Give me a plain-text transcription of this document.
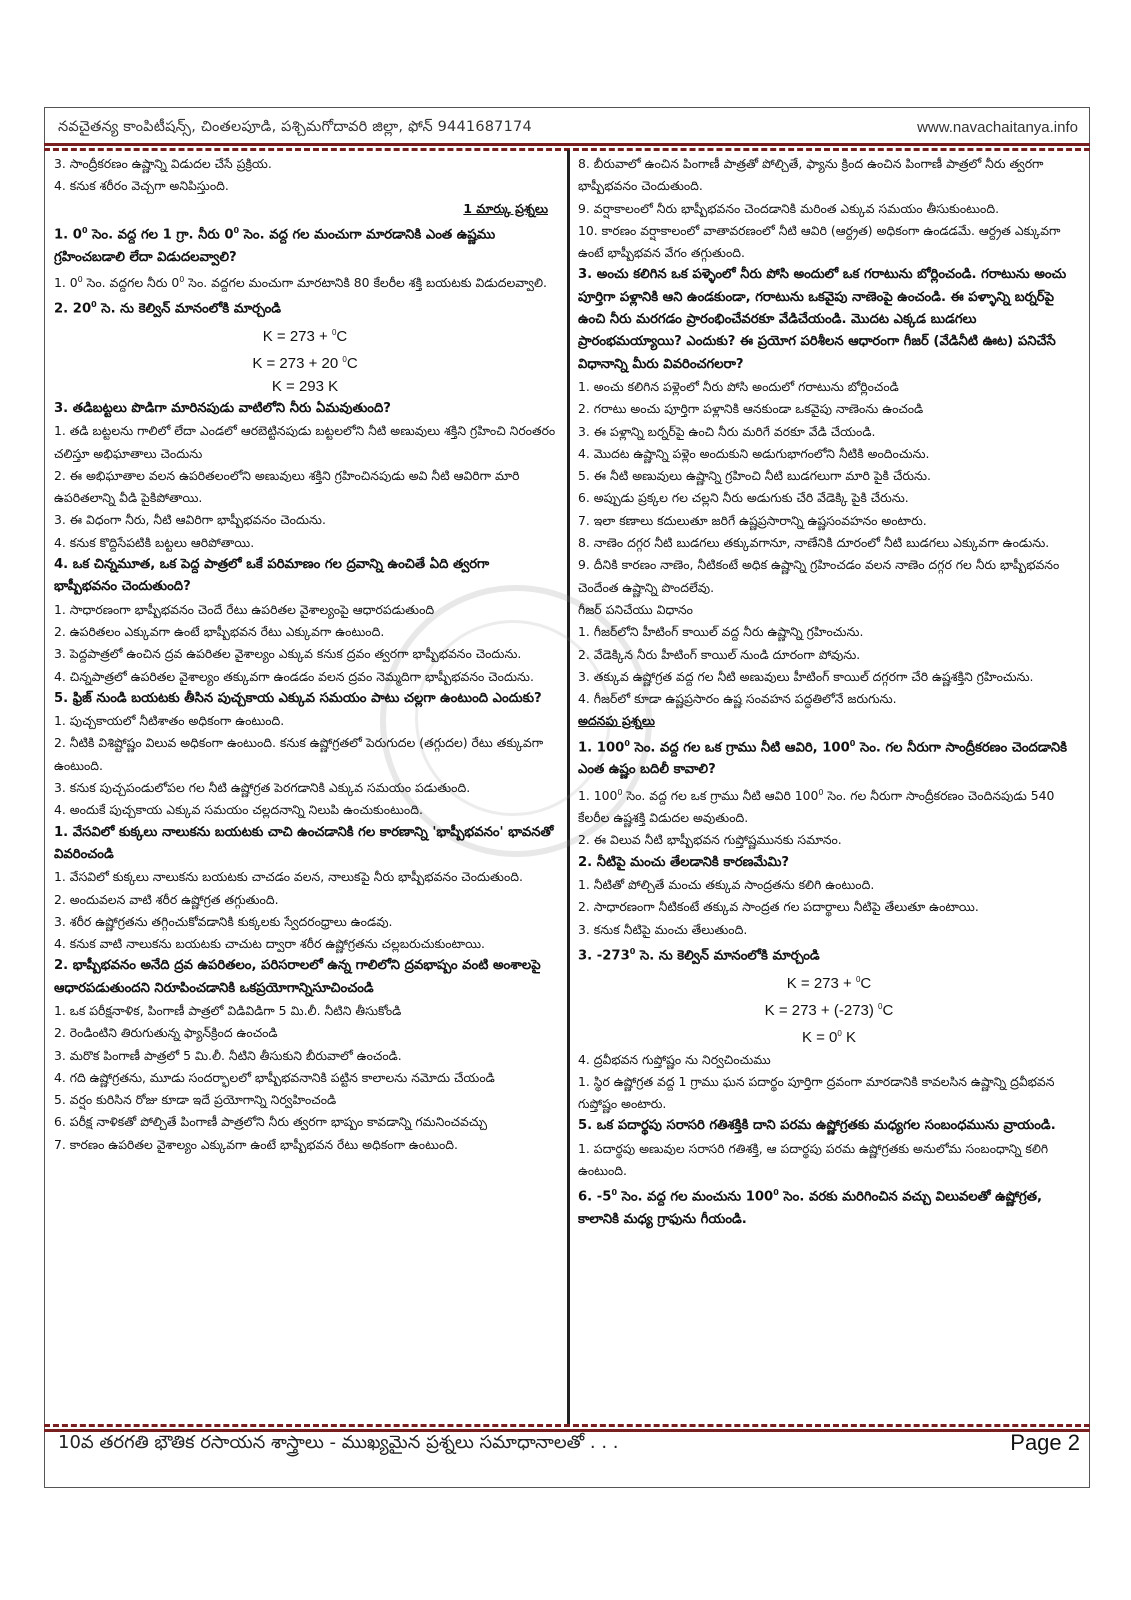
నవచైతన్య కాంపిటీషన్స్, చింతలపూడి, పశ్చిమగోదావరి జిల్లా, ఫోన్ 9441687174	www.navachaitanya.info

3. సాంద్రీకరణం ఉష్ణాన్ని విడుదల చేసే ప్రక్రియ.

4. కనుక శరీరం వెచ్చగా అనిపిస్తుంది.

1 మార్కు ప్రశ్నలు

1. $0^0$ సెం. వద్ద గల 1 గ్రా. నీరు $0^0$ సెం. వద్ద గల మంచుగా మారడానికి ఎంత ఉష్ణము గ్రహించబడాలి లేదా విడుదలవ్వాలి?

1. $0^0$ సెం. వద్దగల నీరు $0^0$ సెం. వద్దగల మంచుగా మారటానికి 80 కేలరీల శక్తి బయటకు విడుదలవ్వాలి.

2. $20^0$ సె. ను కెల్విన్ మానంలోకి మార్చండి

K = 273 + $^0$C

K = 273 + 20 $^0$C

K = 293 K

3. తడిబట్టలు పొడిగా మారినపుడు వాటిలోని నీరు ఏమవుతుంది?

1. తడి బట్టలను గాలిలో లేదా ఎండలో ఆరబెట్టినపుడు బట్టలలోని నీటి అణువులు శక్తిని గ్రహించి నిరంతరం చలిస్తూ అభిఘాతాలు చెందును

2. ఈ అభిఘాతాల వలన ఉపరితలంలోని అణువులు శక్తిని గ్రహించినపుడు అవి నీటి ఆవిరిగా మారి ఉపరితలాన్ని వీడి పైకిపోతాయి.

3. ఈ విధంగా నీరు, నీటి ఆవిరిగా భాష్పీభవనం చెందును.

4. కనుక కొద్దిసేపటికి బట్టలు ఆరిపోతాయి.

4. ఒక చిన్నమూత, ఒక పెద్ద పాత్రలో ఒకే పరిమాణం గల ద్రవాన్ని ఉంచితే ఏది త్వరగా భాష్పీభవనం చెందుతుంది?

1. సాధారణంగా భాష్పీభవనం చెందే రేటు ఉపరితల వైశాల్యంపై ఆధారపడుతుంది

2. ఉపరితలం ఎక్కువగా ఉంటే భాష్పీభవన రేటు ఎక్కువగా ఉంటుంది.

3. పెద్దపాత్రలో ఉంచిన ద్రవ ఉపరితల వైశాల్యం ఎక్కువ కనుక ద్రవం త్వరగా భాష్పీభవనం చెందును.

4. చిన్నపాత్రలో ఉపరితల వైశాల్యం తక్కువగా ఉండడం వలన ద్రవం నెమ్మదిగా భాష్పీభవనం చెందును.

5. ఫ్రిజ్ నుండి బయటకు తీసిన పుచ్చకాయ ఎక్కువ సమయం పాటు చల్లగా ఉంటుంది ఎందుకు?

1. పుచ్చకాయలో నీటిశాతం అధికంగా ఉంటుంది.

2. నీటికి విశిష్టోష్ణం విలువ అధికంగా ఉంటుంది. కనుక ఉష్ణోగ్రతలో పెరుగుదల (తగ్గుదల) రేటు తక్కువగా ఉంటుంది.

3. కనుక పుచ్చపండులోపల గల నీటి ఉష్ణోగ్రత పెరగడానికి ఎక్కువ సమయం పడుతుంది.

4. అందుకే పుచ్చకాయ ఎక్కువ సమయం చల్లదనాన్ని నిలుపి ఉంచుకుంటుంది.

1. వేసవిలో కుక్కలు నాలుకను బయటకు చాచి ఉంచడానికి గల కారణాన్ని 'భాష్పీభవనం' భావనతో వివరించండి

1. వేసవిలో కుక్కలు నాలుకను బయటకు చాచడం వలన, నాలుకపై నీరు భాష్పీభవనం చెందుతుంది.

2. అందువలన వాటి శరీర ఉష్ణోగ్రత తగ్గుతుంది.

3. శరీర ఉష్ణోగ్రతను తగ్గించుకోవడానికి కుక్కలకు స్వేదరంధ్రాలు ఉండవు.

4. కనుక వాటి నాలుకను బయటకు చాచుట ద్వారా శరీర ఉష్ణోగ్రతను చల్లబరుచుకుంటాయి.

2. భాష్పీభవనం అనేది ద్రవ ఉపరితలం, పరిసరాలలో ఉన్న గాలిలోని ద్రవభాష్పం వంటి అంశాలపై ఆధారపడుతుందని నిరూపించడానికి ఒకప్రయోగాన్నిసూచించండి

1. ఒక పరీక్షనాళిక, పింగాణీ పాత్రలో విడివిడిగా 5 మి.లీ. నీటిని తీసుకోండి

2. రెండింటిని తిరుగుతున్న ఫ్యాన్‌క్రింద ఉంచండి

3. మరొక పింగాణీ పాత్రలో 5 మి.లీ. నీటిని తీసుకుని బీరువాలో ఉంచండి.

4. గది ఉష్ణోగ్రతను, మూడు సందర్భాలలో భాష్పీభవనానికి పట్టిన కాలాలను నమోదు చేయండి

5. వర్షం కురిసిన రోజు కూడా ఇదే ప్రయోగాన్ని నిర్వహించండి

6. పరీక్ష నాళికతో పోల్చితే పింగాణీ పాత్రలోని నీరు త్వరగా భాష్పం కావడాన్ని గమనించవచ్చు

7. కారణం ఉపరితల వైశాల్యం ఎక్కువగా ఉంటే భాష్పీభవన రేటు అధికంగా ఉంటుంది.

8. బీరువాలో ఉంచిన పింగాణీ పాత్రతో పోల్చితే, ఫ్యాను క్రింద ఉంచిన పింగాణీ పాత్రలో నీరు త్వరగా భాష్పీభవనం చెందుతుంది.

9. వర్షాకాలంలో నీరు భాష్పీభవనం చెందడానికి మరింత ఎక్కువ సమయం తీసుకుంటుంది.

10. కారణం వర్షాకాలంలో వాతావరణంలో నీటి ఆవిరి (ఆర్ద్రత) అధికంగా ఉండడమే. ఆర్ద్రత ఎక్కువగా ఉంటే భాష్పీభవన వేగం తగ్గుతుంది.

3. అంచు కలిగిన ఒక పళ్ళెంలో నీరు పోసి అందులో ఒక గరాటును బోర్లించండి. గరాటును అంచు పూర్తిగా పళ్లానికి ఆని ఉండకుండా, గరాటును ఒకవైపు నాణెంపై ఉంచండి. ఈ పళ్ళాన్ని బర్నర్‌పై ఉంచి నీరు మరగడం ప్రారంభించేవరకూ వేడిచేయండి. మొదట ఎక్కడ బుడగలు ప్రారంభమయ్యాయి? ఎందుకు? ఈ ప్రయోగ పరిశీలన ఆధారంగా గీజర్ (వేడినీటి ఊట) పనిచేసే విధానాన్ని మీరు వివరించగలరా?

1. అంచు కలిగిన పళ్లెంలో నీరు పోసి అందులో గరాటును బోర్లించండి

2. గరాటు అంచు పూర్తిగా పళ్లానికి ఆనకుండా ఒకవైపు నాణెంను ఉంచండి

3. ఈ పళ్లాన్ని బర్నర్‌పై ఉంచి నీరు మరిగే వరకూ వేడి చేయండి.

4. మొదట ఉష్ణాన్ని పళ్లెం అందుకుని అడుగుభాగంలోని నీటికి అందించును.

5. ఈ నీటి అణువులు ఉష్ణాన్ని గ్రహించి నీటి బుడగలుగా మారి పైకి చేరును.

6. అప్పుడు ప్రక్కల గల చల్లని నీరు అడుగుకు చేరి వేడెక్కి పైకి చేరును.

7. ఇలా కణాలు కదులుతూ జరిగే ఉష్ణప్రసారాన్ని ఉష్ణసంవహనం అంటారు.

8. నాణెం దగ్గర నీటి బుడగలు తక్కువగానూ, నాణేనికి దూరంలో నీటి బుడగలు ఎక్కువగా ఉండును.

9. దీనికి కారణం నాణెం, నీటికంటే అధిక ఉష్ణాన్ని గ్రహించడం వలన నాణెం దగ్గర గల నీరు భాష్పీభవనం చెందేంత ఉష్ణాన్ని పొందలేవు.

గీజర్ పనిచేయు విధానం

1. గీజర్‌లోని హీటింగ్ కాయిల్ వద్ద నీరు ఉష్ణాన్ని గ్రహించును.

2. వేడెక్కిన నీరు హీటింగ్ కాయిల్ నుండి దూరంగా పోవును.

3. తక్కువ ఉష్ణోగ్రత వద్ద గల నీటి అణువులు హీటింగ్ కాయిల్ దగ్గరగా చేరి ఉష్ణశక్తిని గ్రహించును.

4. గీజర్‌లో కూడా ఉష్ణప్రసారం ఉష్ణ సంవహన పద్ధతిలోనే జరుగును.

అదనపు ప్రశ్నలు

1. $100^0$ సెం. వద్ద గల ఒక గ్రాము నీటి ఆవిరి, $100^0$ సెం. గల నీరుగా సాంద్రీకరణం చెందడానికి ఎంత ఉష్ణం బదిలీ కావాలి?

1. $100^0$ సెం. వద్ద గల ఒక గ్రాము నీటి ఆవిరి $100^0$ సెం. గల నీరుగా సాంద్రీకరణం చెందినపుడు 540 కేలరీల ఉష్ణశక్తి విడుదల అవుతుంది.

2. ఈ విలువ నీటి భాష్పీభవన గుప్తోష్ణమునకు సమానం.

2. నీటిపై మంచు తేలడానికి కారణమేమి?

1. నీటితో పోల్చితే మంచు తక్కువ సాంద్రతను కలిగి ఉంటుంది.

2. సాధారణంగా నీటికంటే తక్కువ సాంద్రత గల పదార్థాలు నీటిపై తేలుతూ ఉంటాయి.

3. కనుక నీటిపై మంచు తేలుతుంది.

3. $-273^0$ సె. ను కెల్విన్ మానంలోకి మార్చండి

K = 273 + $^0$C

K = 273 + (-273) $^0$C

$K = 0^0$ K

4. ద్రవీభవన గుప్తోష్ణం ను నిర్వచించుము

1. స్థిర ఉష్ణోగ్రత వద్ద 1 గ్రాము ఘన పదార్థం పూర్తిగా ద్రవంగా మారడానికి కావలసిన ఉష్ణాన్ని ద్రవీభవన గుప్తోష్ణం అంటారు.

5. ఒక పదార్థపు సరాసరి గతిశక్తికి దాని పరమ ఉష్ణోగ్రతకు మధ్యగల సంబంధమును వ్రాయండి.

1. పదార్థపు అణువుల సరాసరి గతిశక్తి, ఆ పదార్థపు పరమ ఉష్ణోగ్రతకు అనులోమ సంబంధాన్ని కలిగి ఉంటుంది.

6. $-5^0$ సెం. వద్ద గల మంచును $100^0$ సెం. వరకు మరిగించిన వచ్చు విలువలతో ఉష్ణోగ్రత, కాలానికి మధ్య గ్రాఫును గీయండి.

10వ తరగతి భౌతిక రసాయన శాస్త్రాలు - ముఖ్యమైన ప్రశ్నలు సమాధానాలతో . . .	Page 2
